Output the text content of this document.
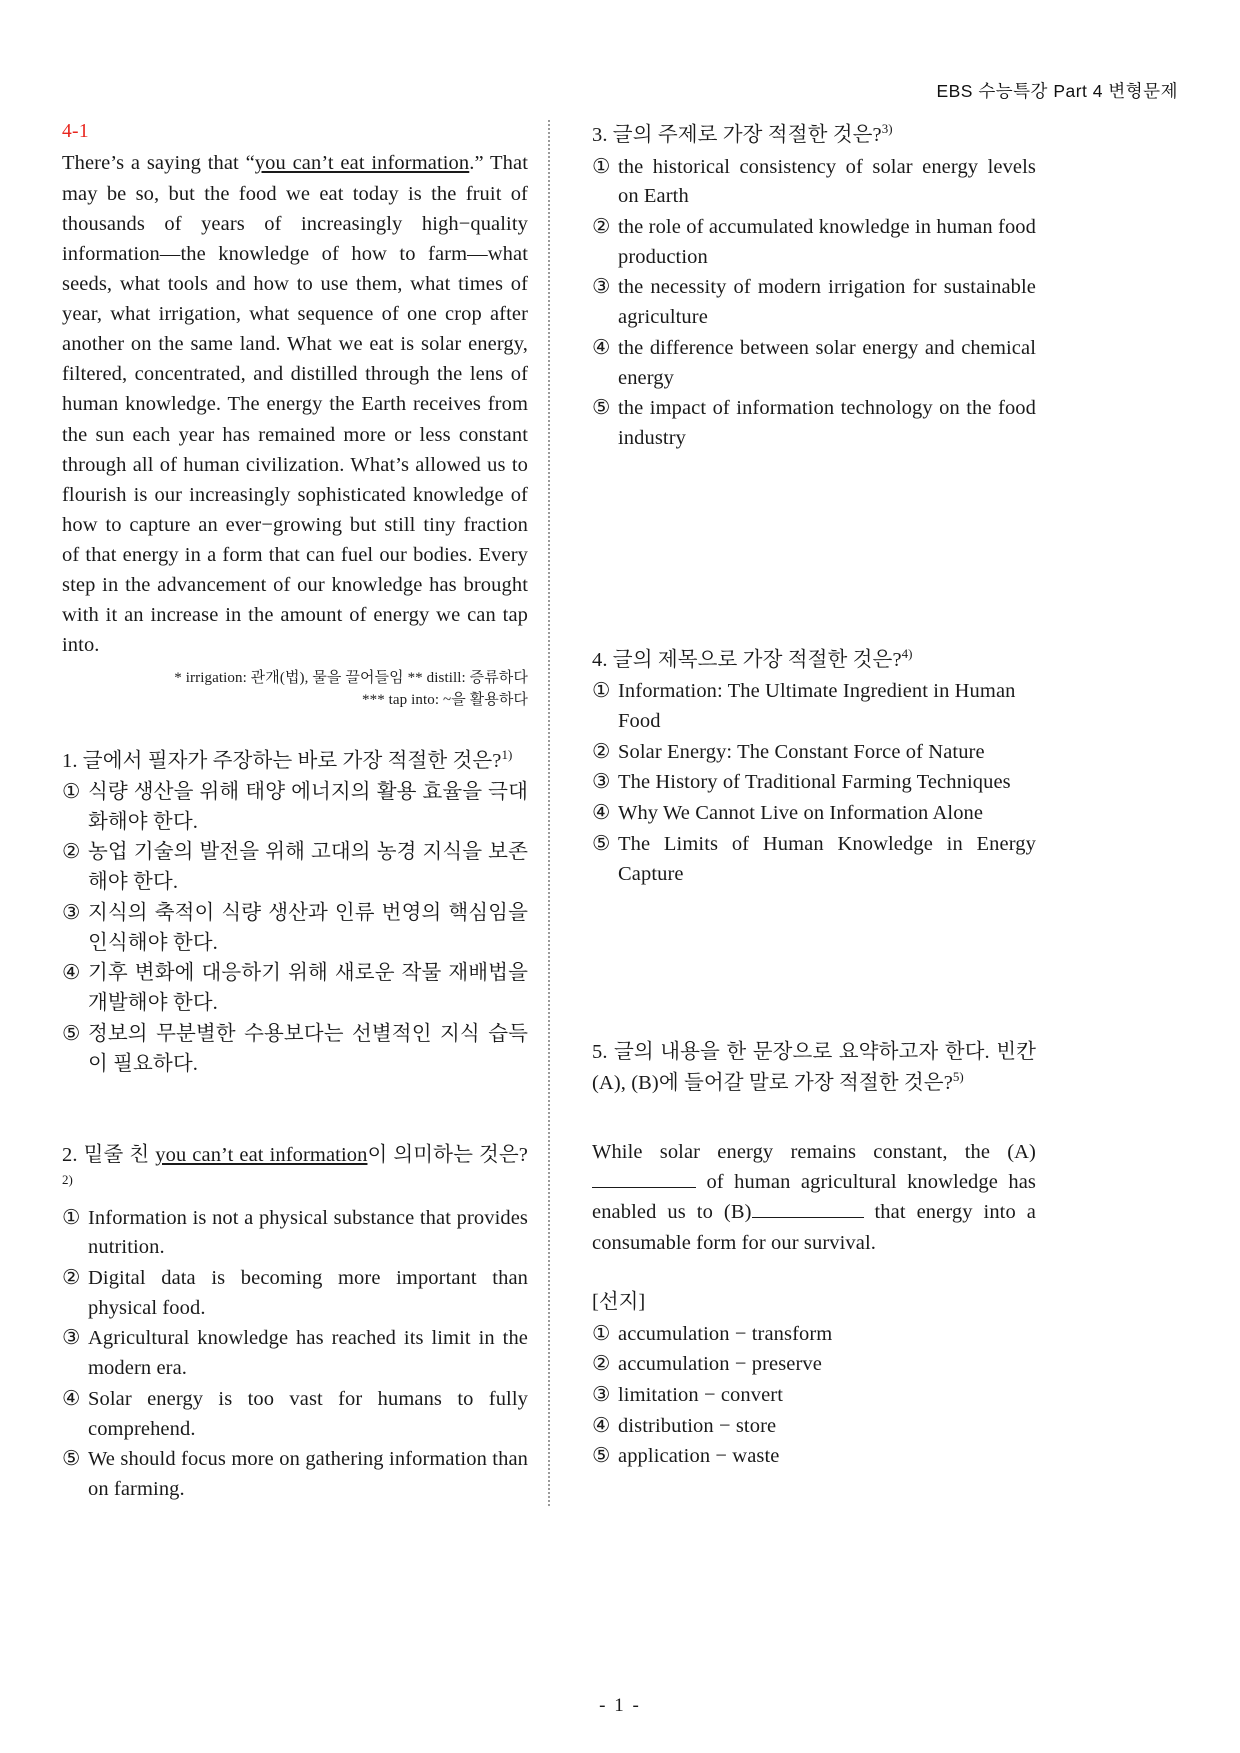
EBS 수능특강 Part 4 변형문제
4-1

There’s a saying that “you can’t eat information.” That may be so, but the food we eat today is the fruit of thousands of years of increasingly high−quality information—the knowledge of how to farm—what seeds, what tools and how to use them, what times of year, what irrigation, what sequence of one crop after another on the same land. What we eat is solar energy, filtered, concentrated, and distilled through the lens of human knowledge. The energy the Earth receives from the sun each year has remained more or less constant through all of human civilization. What’s allowed us to flourish is our increasingly sophisticated knowledge of how to capture an ever−growing but still tiny fraction of that energy in a form that can fuel our bodies. Every step in the advancement of our knowledge has brought with it an increase in the amount of energy we can tap into.

* irrigation: 관개(법), 물을 끌어들임 ** distill: 증류하다
*** tap into: ~을 활용하다

1. 글에서 필자가 주장하는 바로 가장 적절한 것은?$^{1)}$

① 식량 생산을 위해 태양 에너지의 활용 효율을 극대화해야 한다.
② 농업 기술의 발전을 위해 고대의 농경 지식을 보존해야 한다.
③ 지식의 축적이 식량 생산과 인류 번영의 핵심임을 인식해야 한다.
④ 기후 변화에 대응하기 위해 새로운 작물 재배법을 개발해야 한다.
⑤ 정보의 무분별한 수용보다는 선별적인 지식 습득이 필요하다.

2. 밑줄 친 you can’t eat information이 의미하는 것은?$^{2)}$

① Information is not a physical substance that provides nutrition.
② Digital data is becoming more important than physical food.
③ Agricultural knowledge has reached its limit in the modern era.
④ Solar energy is too vast for humans to fully comprehend.
⑤ We should focus more on gathering information than on farming.

3. 글의 주제로 가장 적절한 것은?$^{3)}$

① the historical consistency of solar energy levels on Earth
② the role of accumulated knowledge in human food production
③ the necessity of modern irrigation for sustainable agriculture
④ the difference between solar energy and chemical energy
⑤ the impact of information technology on the food industry

4. 글의 제목으로 가장 적절한 것은?$^{4)}$

① Information: The Ultimate Ingredient in Human Food
② Solar Energy: The Constant Force of Nature
③ The History of Traditional Farming Techniques
④ Why We Cannot Live on Information Alone
⑤ The Limits of Human Knowledge in Energy Capture

5. 글의 내용을 한 문장으로 요약하고자 한다. 빈칸 (A), (B)에 들어갈 말로 가장 적절한 것은?$^{5)}$

While solar energy remains constant, the (A) of human agricultural knowledge has enabled us to (B)	that energy into a consumable form for our survival.

[선지]
① accumulation − transform
② accumulation − preserve
③ limitation − convert
④ distribution − store
⑤ application − waste
- 1 -
